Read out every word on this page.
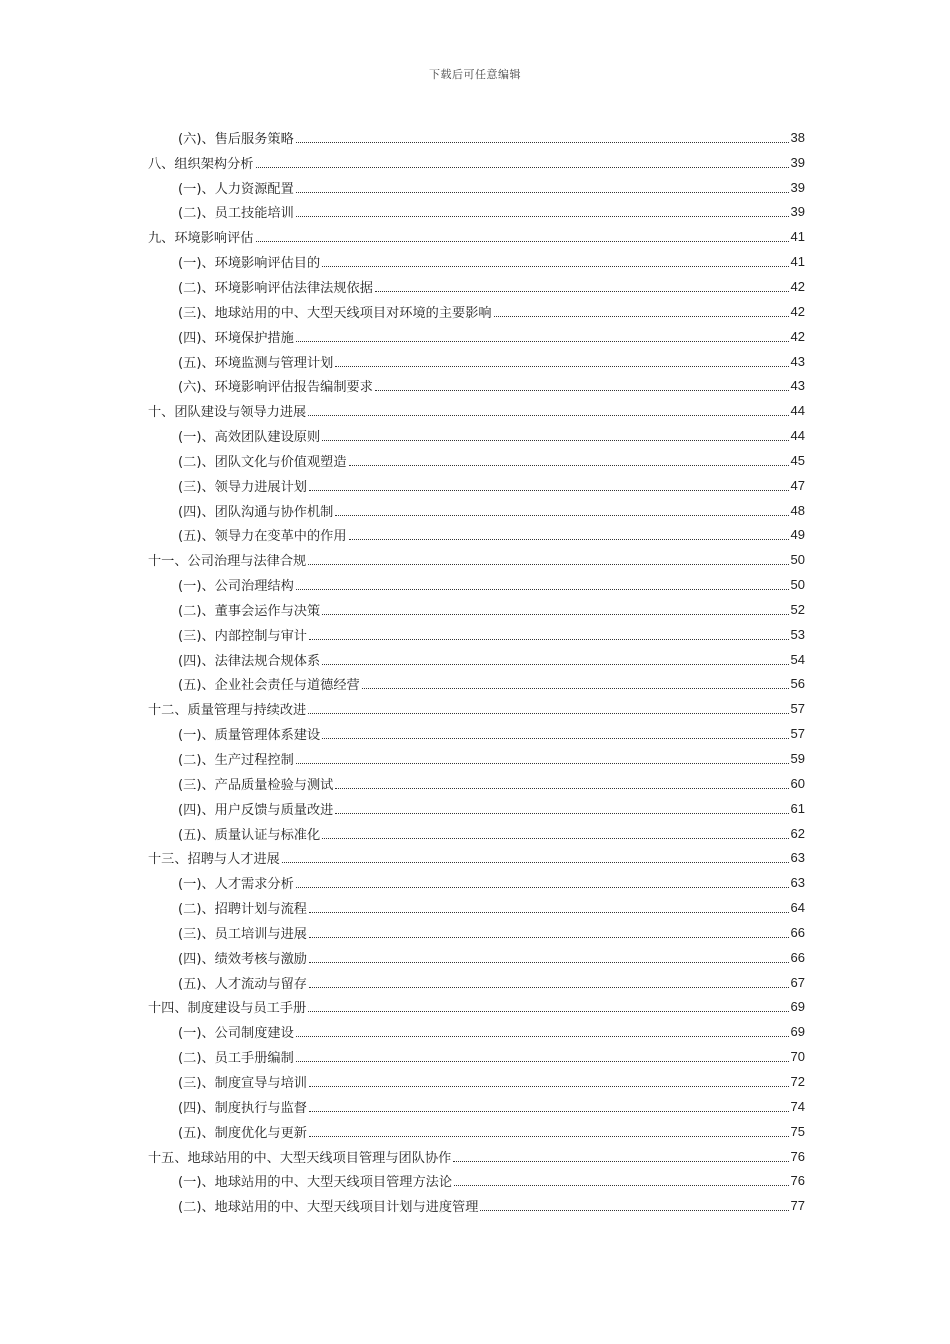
下载后可任意编辑
(六)、售后服务策略	38
八、组织架构分析	39
(一)、人力资源配置	39
(二)、员工技能培训	39
九、环境影响评估	41
(一)、环境影响评估目的	41
(二)、环境影响评估法律法规依据	42
(三)、地球站用的中、大型天线项目对环境的主要影响	42
(四)、环境保护措施	42
(五)、环境监测与管理计划	43
(六)、环境影响评估报告编制要求	43
十、团队建设与领导力进展	44
(一)、高效团队建设原则	44
(二)、团队文化与价值观塑造	45
(三)、领导力进展计划	47
(四)、团队沟通与协作机制	48
(五)、领导力在变革中的作用	49
十一、公司治理与法律合规	50
(一)、公司治理结构	50
(二)、董事会运作与决策	52
(三)、内部控制与审计	53
(四)、法律法规合规体系	54
(五)、企业社会责任与道德经营	56
十二、质量管理与持续改进	57
(一)、质量管理体系建设	57
(二)、生产过程控制	59
(三)、产品质量检验与测试	60
(四)、用户反馈与质量改进	61
(五)、质量认证与标准化	62
十三、招聘与人才进展	63
(一)、人才需求分析	63
(二)、招聘计划与流程	64
(三)、员工培训与进展	66
(四)、绩效考核与激励	66
(五)、人才流动与留存	67
十四、制度建设与员工手册	69
(一)、公司制度建设	69
(二)、员工手册编制	70
(三)、制度宣导与培训	72
(四)、制度执行与监督	74
(五)、制度优化与更新	75
十五、地球站用的中、大型天线项目管理与团队协作	76
(一)、地球站用的中、大型天线项目管理方法论	76
(二)、地球站用的中、大型天线项目计划与进度管理	77
